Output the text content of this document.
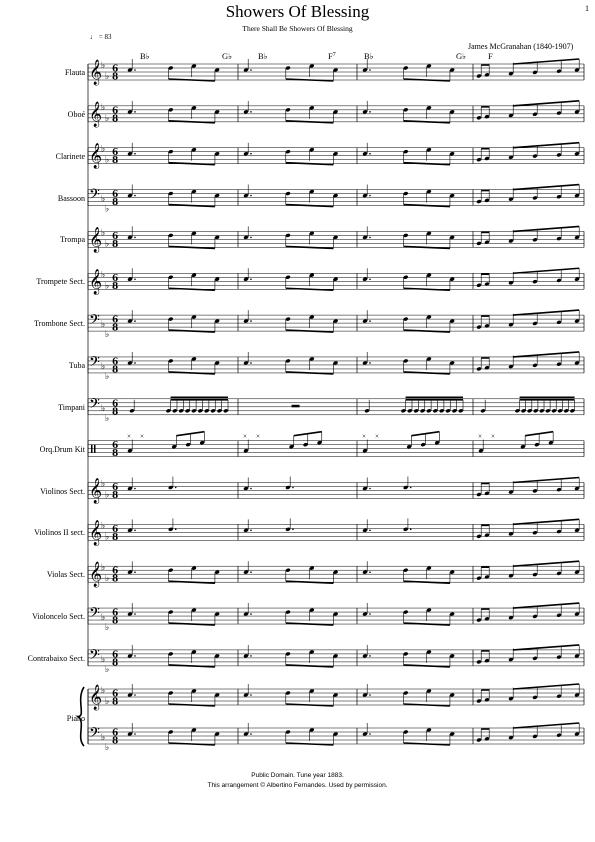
Showers Of Blessing
There Shall Be Showers Of Blessing
1
James McGranahan (1840-1907)
♩ = 83
B♭	G♭	B♭	$F^7$	B♭	G♭	F
Flauta
Oboé
Clarinete
Bassoon
Trompa
Trompete Sect.
Trombone Sect.
Tuba
Timpani
Orq.Drum Kit
Violinos Sect.
Violinos II sect.
Violas Sect.
Violoncelo Sect.
Contrabaixo Sect.
Piano
𝄞
♭
♭
6
8
𝄞
♭
♭
6
8
𝄞
♭
♭
6
8
𝄢 ♭
♭
6
8
𝄞
♭
♭
6
8
𝄞
♭
♭
6
8
𝄢 ♭
♭
6
8
𝄢 ♭
♭
6
8
𝄢 ♭
♭
6
8
6
8
× ×	× ×	× ×	× ×
𝄞
♭
♭
6
8
𝄞
♭
♭
6
8
𝄞
♭
♭
6
8
𝄢 ♭
♭
6
8
𝄢 ♭
♭
6
8
𝄞
♭
♭
6
8
𝄢 ♭
♭
6
8
Public Domain. Tune year 1883.
This arrangement © Albertino Fernandes. Used by permission.
